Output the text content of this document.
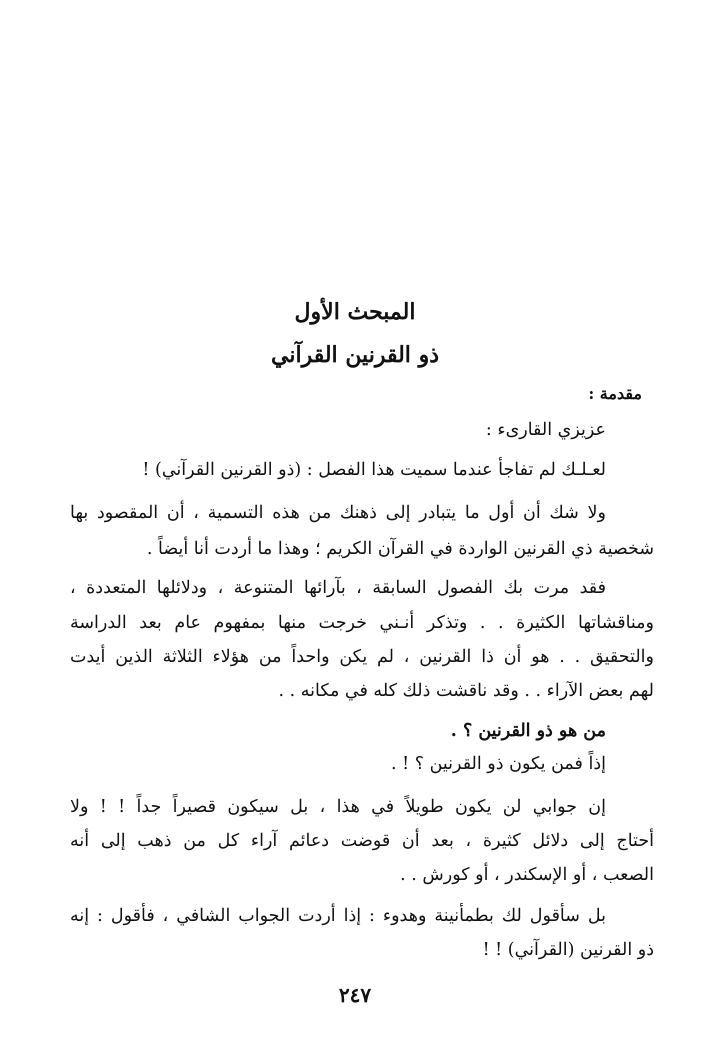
المبحث الأول
ذو القرنين القرآني
مقدمة :
عزيزي القارىء :
لعـلـك لم تفاجأ عندما سميت هذا الفصل : (ذو القرنين القرآني) !
ولا شك أن أول ما يتبادر إلى ذهنك من هذه التسمية ، أن المقصود بها
شخصية ذي القرنين الواردة في القرآن الكريم ؛ وهذا ما أردت أنا أيضاً .
فقد مرت بك الفصول السابقة ، بآرائها المتنوعة ، ودلائلها المتعددة ،
ومناقشاتها الكثيرة . . وتذكر أنـني خرجت منها بمفهوم عام بعد الدراسة
والتحقيق . . هو أن ذا القرنين ، لم يكن واحداً من هؤلاء الثلاثة الذين أيدت
لهم بعض الآراء . . وقد ناقشت ذلك كله في مكانه . .
من هو ذو القرنين ؟ .
إذاً فمن يكون ذو القرنين ؟ ! .
إن جوابي لن يكون طويلاً في هذا ، بل سيكون قصيراً جداً ! ! ولا
أحتاج إلى دلائل كثيرة ، بعد أن قوضت دعائم آراء كل من ذهب إلى أنه
الصعب ، أو الإسكندر ، أو كورش . .
بل سأقول لك بطمأنينة وهدوء : إذا أردت الجواب الشافي ، فأقول : إنه
ذو القرنين (القرآني) ! !
٢٤٧
